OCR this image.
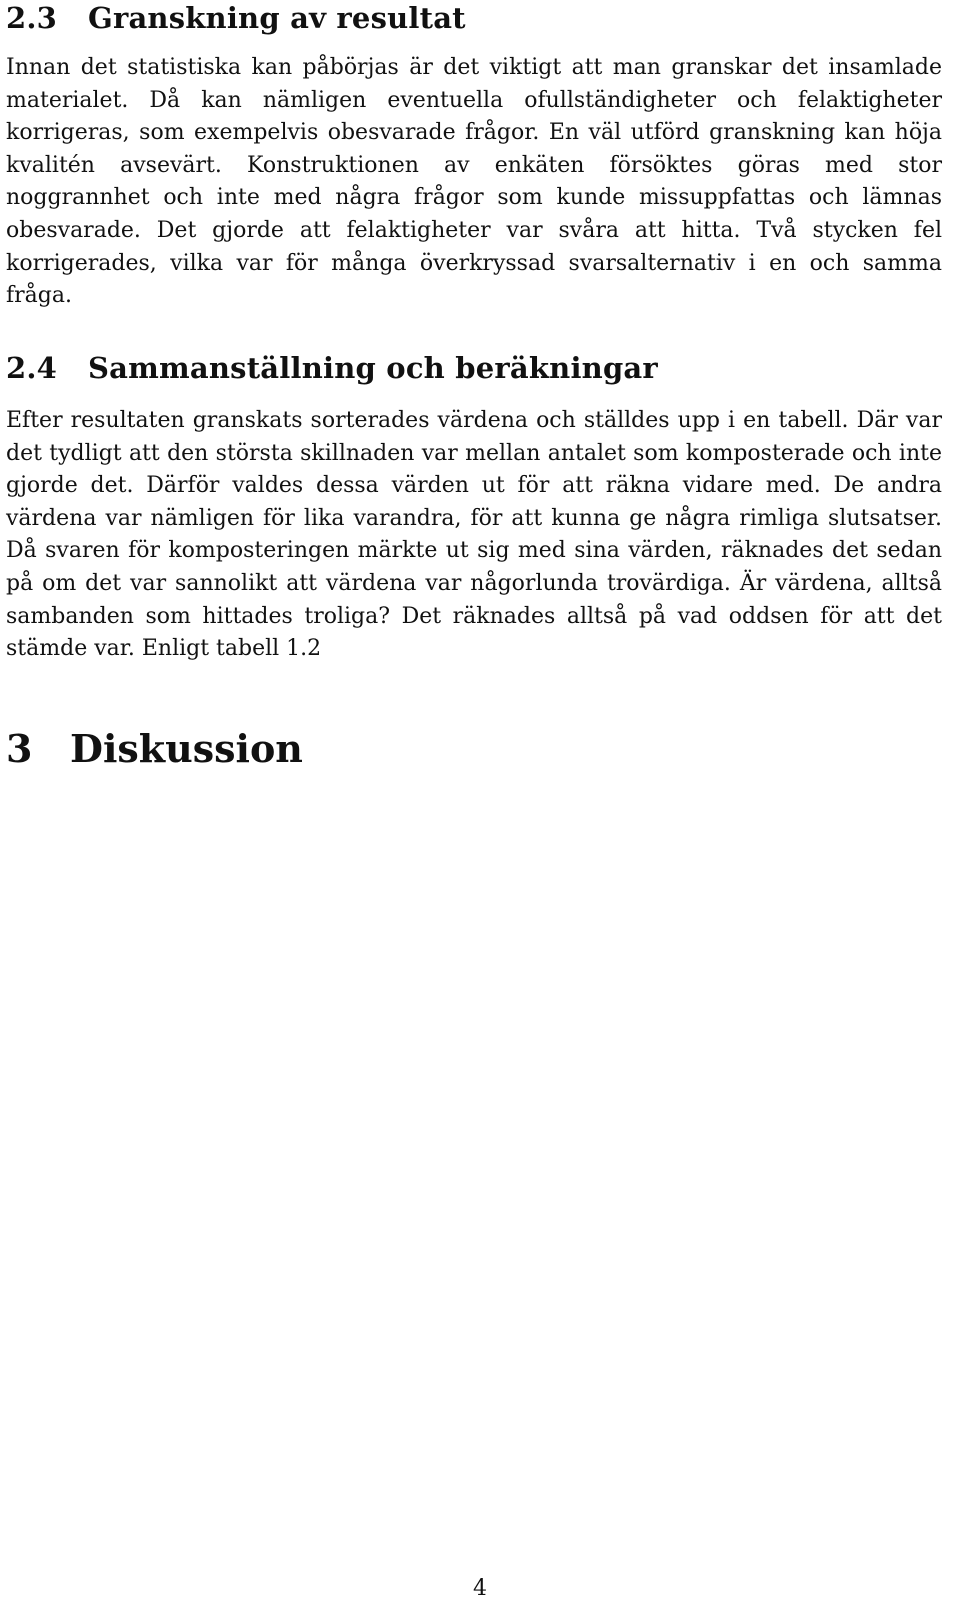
2.3 Granskning av resultat

Innan det statistiska kan påbörjas är det viktigt att man granskar det insamlade materialet. Då kan nämligen eventuella ofullständigheter och felaktigheter korrigeras, som exempelvis obesvarade frågor. En väl utförd granskning kan höja kvalitén avsevärt. Konstruktionen av enkäten försöktes göras med stor noggrannhet och inte med några frågor som kunde missuppfattas och lämnas obesvarade. Det gjorde att felaktigheter var svåra att hitta. Två stycken fel korrigerades, vilka var för många överkryssad svarsalternativ i en och samma fråga.

2.4 Sammanställning och beräkningar

Efter resultaten granskats sorterades värdena och ställdes upp i en tabell. Där var det tydligt att den största skillnaden var mellan antalet som komposterade och inte gjorde det. Därför valdes dessa värden ut för att räkna vidare med. De andra värdena var nämligen för lika varandra, för att kunna ge några rimliga slutsatser. Då svaren för komposteringen märkte ut sig med sina värden, räknades det sedan på om det var sannolikt att värdena var någorlunda trovärdiga. Är värdena, alltså sambanden som hittades troliga? Det räknades alltså på vad oddsen för att det stämde var. Enligt tabell 1.2

3 Diskussion
4
